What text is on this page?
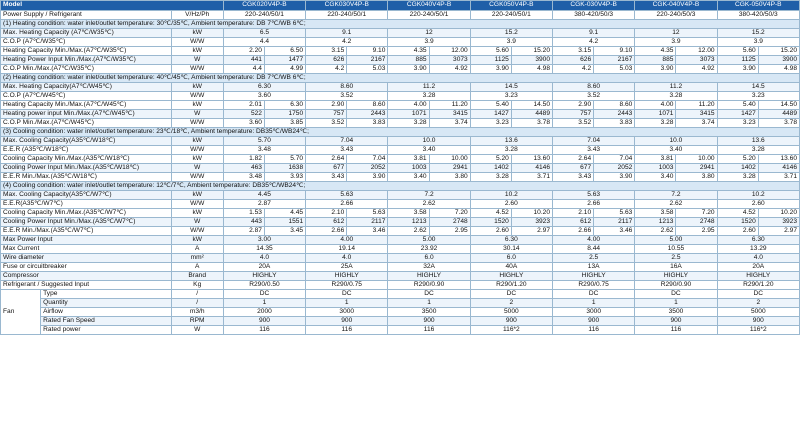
Model			CGK020V4P-B		CGK030V4P-B		CGK040V4P-B		CGK050V4P-B		CGK-030V4P-B		CGK-040V4P-B		CGK-050V4P-B	
Power Supply / Refrigerant		V/Hz/Ph	220-240/50/1		220-240/50/1		220-240/50/1		220-240/50/1		380-420/50/3		220-240/50/3		380-420/50/3	
(1) Heating condition: water inlet/outlet temperature: 30℃/35℃, Ambient temperature: DB 7℃/WB 6℃;																
Max. Heating Capacity (A7℃/W35℃)		kW	6.5		9.1		12		15.2		9.1		12		15.2	
C.O.P (A7℃/W35℃)		W/W	4.4		4.2		3.9		3.9		4.2		3.9		3.9	
Heating Capacity Min./Max.(A7℃/W35℃)		kW	2.20	6.50	3.15	9.10	4.35	12.00	5.60	15.20	3.15	9.10	4.35	12.00	5.60	15.20
Heating Power Input Min./Max.(A7℃/W35℃)		W	441	1477	626	2167	885	3073	1125	3900	626	2167	885	3073	1125	3900
C.O.P Min./Max.(A7℃/W35℃)		W/W	4.4	4.99	4.2	5.03	3.90	4.92	3.90	4.98	4.2	5.03	3.90	4.92	3.90	4.98
(2) Heating condition: water inlet/outlet temperature: 40℃/45℃, Ambient temperature: DB 7℃/WB 6℃;																
Max. Heating Capacity(A7℃/W45℃)		kW	6.30		8.60		11.2		14.5		8.60		11.2		14.5	
C.O.P (A7℃/W45℃)		W/W	3.60		3.52		3.28		3.23		3.52		3.28		3.23	
Heating Capacity Min./Max.(A7℃/W45℃)		kW	2.01	6.30	2.90	8.60	4.00	11.20	5.40	14.50	2.90	8.60	4.00	11.20	5.40	14.50
Heating power input Min./Max.(A7℃/W45℃)		W	522	1750	757	2443	1071	3415	1427	4489	757	2443	1071	3415	1427	4489
C.O.P Min./Max.(A7℃/W45℃)		W/W	3.60	3.85	3.52	3.83	3.28	3.74	3.23	3.78	3.52	3.83	3.28	3.74	3.23	3.78
(3) Cooling condition: water inlet/outlet temperature: 23℃/18℃, Ambient temperature: DB35℃/WB24℃;																
Max. Cooling Capacity(A35℃/W18℃)		kW	5.70		7.04		10.0		13.6		7.04		10.0		13.6	
E.E.R (A35℃/W18℃)		W/W	3.48		3.43		3.40		3.28		3.43		3.40		3.28	
Cooling Capacity Min./Max.(A35℃/W18℃)		kW	1.82	5.70	2.64	7.04	3.81	10.00	5.20	13.60	2.64	7.04	3.81	10.00	5.20	13.60
Cooling Power Input Min./Max.(A35℃/W18℃)		W	463	1638	677	2052	1003	2941	1402	4146	677	2052	1003	2941	1402	4146
E.E.R Min./Max.(A35℃/W18℃)		W/W	3.48	3.93	3.43	3.90	3.40	3.80	3.28	3.71	3.43	3.90	3.40	3.80	3.28	3.71
(4) Cooling condition: water inlet/outlet temperature: 12℃/7℃, Ambient temperature: DB35℃/WB24℃;																
Max. Cooling Capacity(A35℃/W7℃)		kW	4.45		5.63		7.2		10.2		5.63		7.2		10.2	
E.E.R(A35℃/W7℃)		W/W	2.87		2.66		2.62		2.60		2.66		2.62		2.60	
Cooling Capacity Min./Max.(A35℃/W7℃)		kW	1.53	4.45	2.10	5.63	3.58	7.20	4.52	10.20	2.10	5.63	3.58	7.20	4.52	10.20
Cooling Power Input Min./Max.(A35℃/W7℃)		W	443	1551	612	2117	1213	2748	1520	3923	612	2117	1213	2748	1520	3923
E.E.R Min./Max.(A35℃/W7℃)		W/W	2.87	3.45	2.66	3.46	2.62	2.95	2.60	2.97	2.66	3.46	2.62	2.95	2.60	2.97
Max Power Input		kW	3.00		4.00		5.00		6.30		4.00		5.00		6.30	
Max Current		A	14.35		19.14		23.92		30.14		8.44		10.55		13.29	
Wire diameter		mm²	4.0		4.0		6.0		6.0		2.5		2.5		4.0	
Fuse or circuitbreaker		A	20A		25A		32A		40A		13A		16A		20A	
Compressor		Brand	HIGHLY		HIGHLY		HIGHLY		HIGHLY		HIGHLY		HIGHLY		HIGHLY	
Refrigerant / Suggested Input		Kg	R290/0.50		R290/0.75		R290/0.90		R290/1.20		R290/0.75		R290/0.90		R290/1.20	
Fan	Type	/	DC		DC		DC		DC		DC		DC		DC	
	Quantity	/	1		1		1		2		1		1		2	
	Airflow	m3/h	2000		3000		3500		5000		3000		3500		5000	
	Rated Fan Speed	RPM	900		900		900		900		900		900		900	
	Rated power	W	116		116		116		116*2		116		116		116*2	
